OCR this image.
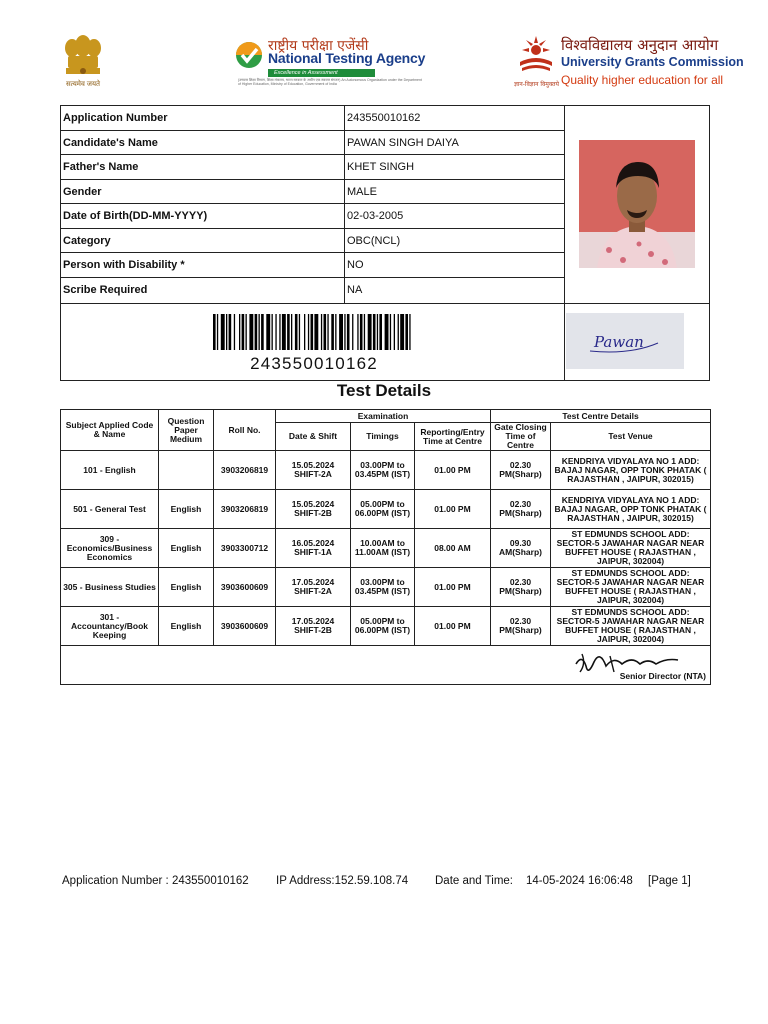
सत्यमेव जयते
राष्ट्रीय परीक्षा एजेंसी
National Testing Agency
Excellence in Assessment
(उच्चतर शिक्षा विभाग, शिक्षा मंत्रालय, भारत सरकार के अधीन एक स्वायत्त संगठन) An Autonomous Organization under the Department of Higher Education, Ministry of Education, Government of India	ज्ञान-विज्ञान विमुक्तये
विश्वविद्यालय अनुदान आयोग
University Grants Commission
Quality higher education for all
Application Number	243550010162
Candidate's Name	PAWAN SINGH DAIYA
Father's Name	KHET SINGH
Gender	MALE
Date of Birth(DD-MM-YYYY)	02-03-2005
Category	OBC(NCL)
Person with Disability *	NO
Scribe Required	NA
243550010162
Pawan
Test Details
Subject Applied Code & Name	Question Paper Medium	Roll No.	Examination			Test Centre Details	
			Date & Shift	Timings	Reporting/Entry Time at Centre	Gate Closing Time of Centre	Test Venue
101 - English		3903206819	15.05.2024 SHIFT-2A	03.00PM to 03.45PM (IST)	01.00 PM	02.30 PM(Sharp)	KENDRIYA VIDYALAYA NO 1 ADD: BAJAJ NAGAR, OPP TONK PHATAK ( RAJASTHAN , JAIPUR, 302015)
501 - General Test	English	3903206819	15.05.2024 SHIFT-2B	05.00PM to 06.00PM (IST)	01.00 PM	02.30 PM(Sharp)	KENDRIYA VIDYALAYA NO 1 ADD: BAJAJ NAGAR, OPP TONK PHATAK ( RAJASTHAN , JAIPUR, 302015)
309 - Economics/Business Economics	English	3903300712	16.05.2024 SHIFT-1A	10.00AM to 11.00AM (IST)	08.00 AM	09.30 AM(Sharp)	ST EDMUNDS SCHOOL ADD: SECTOR-5 JAWAHAR NAGAR NEAR BUFFET HOUSE ( RAJASTHAN , JAIPUR, 302004)
305 - Business Studies	English	3903600609	17.05.2024 SHIFT-2A	03.00PM to 03.45PM (IST)	01.00 PM	02.30 PM(Sharp)	ST EDMUNDS SCHOOL ADD: SECTOR-5 JAWAHAR NAGAR NEAR BUFFET HOUSE ( RAJASTHAN , JAIPUR, 302004)
301 - Accountancy/Book Keeping	English	3903600609	17.05.2024 SHIFT-2B	05.00PM to 06.00PM (IST)	01.00 PM	02.30 PM(Sharp)	ST EDMUNDS SCHOOL ADD: SECTOR-5 JAWAHAR NAGAR NEAR BUFFET HOUSE ( RAJASTHAN , JAIPUR, 302004)

Senior Director (NTA)							
Application Number : 243550010162 IP Address:152.59.108.74 Date and Time: 14-05-2024 16:06:48 [Page 1]
